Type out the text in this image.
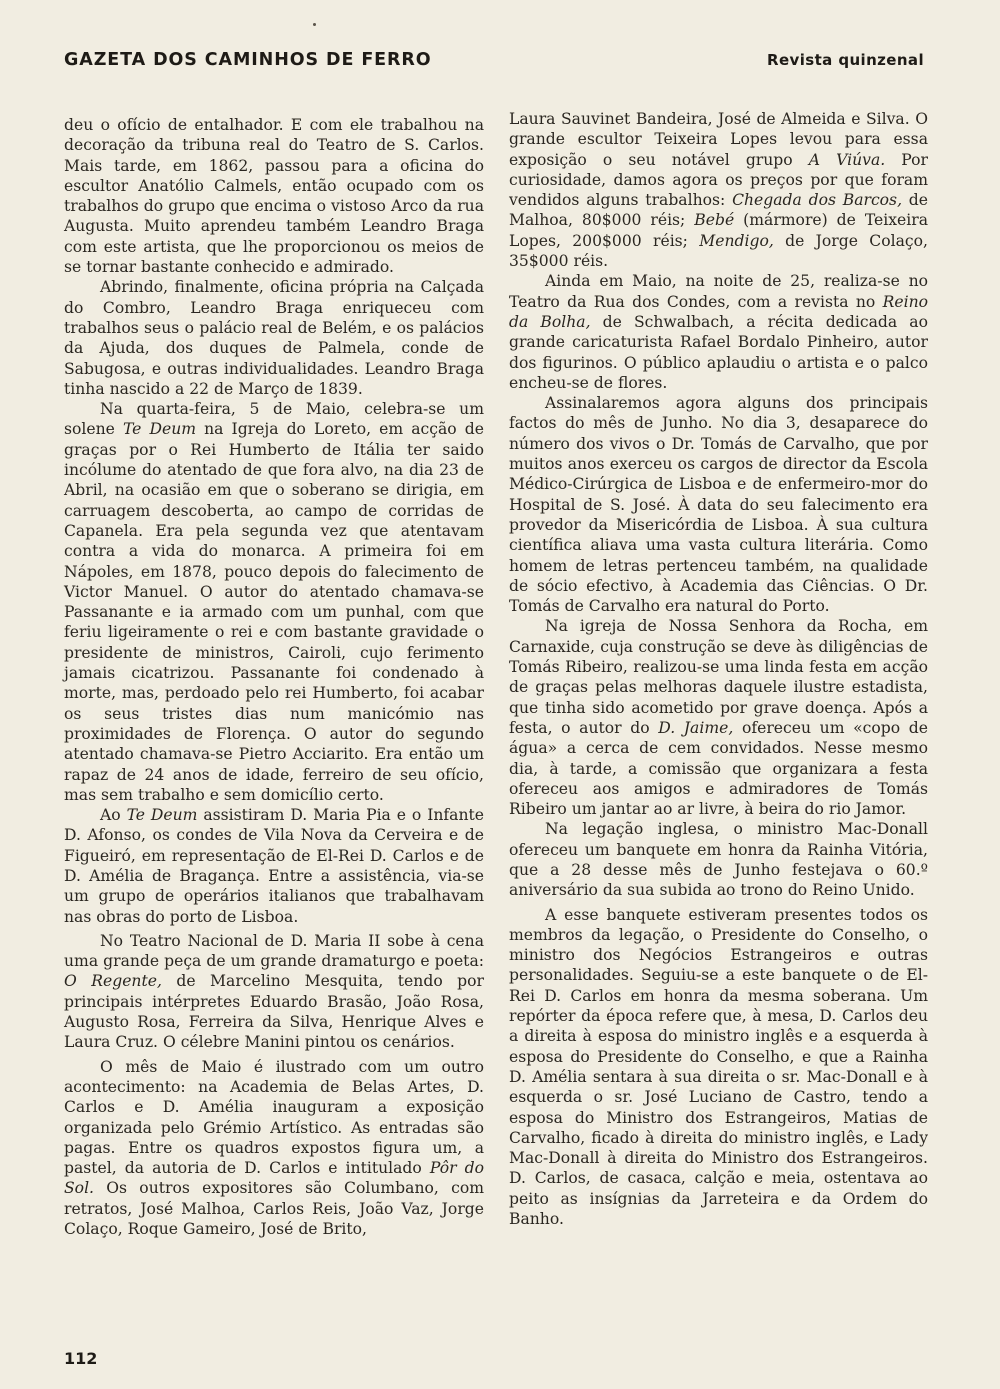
GAZETA DOS CAMINHOS DE FERRO	Revista quinzenal

deu o ofício de entalhador. E com ele trabalhou na decoração da tribuna real do Teatro de S. Carlos. Mais tarde, em 1862, passou para a oficina do escultor Anatólio Calmels, então ocupado com os trabalhos do grupo que encima o vistoso Arco da rua Augusta. Muito aprendeu também Leandro Braga com este artista, que lhe proporcionou os meios de se tornar bastante conhecido e admirado.

Abrindo, finalmente, oficina própria na Calçada do Combro, Leandro Braga enriqueceu com trabalhos seus o palácio real de Belém, e os palácios da Ajuda, dos duques de Palmela, conde de Sabugosa, e outras individualidades. Leandro Braga tinha nascido a 22 de Março de 1839.

Na quarta-feira, 5 de Maio, celebra-se um solene Te Deum na Igreja do Loreto, em acção de graças por o Rei Humberto de Itália ter saido incólume do atentado de que fora alvo, na dia 23 de Abril, na ocasião em que o soberano se dirigia, em carruagem descoberta, ao campo de corridas de Capanela. Era pela segunda vez que atentavam contra a vida do monarca. A primeira foi em Nápoles, em 1878, pouco depois do falecimento de Victor Manuel. O autor do atentado chamava-se Passanante e ia armado com um punhal, com que feriu ligeiramente o rei e com bastante gravidade o presidente de ministros, Cairoli, cujo ferimento jamais cicatrizou. Passanante foi condenado à morte, mas, perdoado pelo rei Humberto, foi acabar os seus tristes dias num manicómio nas proximidades de Florença. O autor do segundo atentado chamava-se Pietro Acciarito. Era então um rapaz de 24 anos de idade, ferreiro de seu ofício, mas sem trabalho e sem domicílio certo.

Ao Te Deum assistiram D. Maria Pia e o Infante D. Afonso, os condes de Vila Nova da Cerveira e de Figueiró, em representação de El-Rei D. Carlos e de D. Amélia de Bragança. Entre a assistência, via-se um grupo de operários italianos que trabalhavam nas obras do porto de Lisboa.

No Teatro Nacional de D. Maria II sobe à cena uma grande peça de um grande dramaturgo e poeta: O Regente, de Marcelino Mesquita, tendo por principais intérpretes Eduardo Brasão, João Rosa, Augusto Rosa, Ferreira da Silva, Henrique Alves e Laura Cruz. O célebre Manini pintou os cenários.

O mês de Maio é ilustrado com um outro acontecimento: na Academia de Belas Artes, D. Carlos e D. Amélia inauguram a exposição organizada pelo Grémio Artístico. As entradas são pagas. Entre os quadros expostos figura um, a pastel, da autoria de D. Carlos e intitulado Pôr do Sol. Os outros expositores são Columbano, com retratos, José Malhoa, Carlos Reis, João Vaz, Jorge Colaço, Roque Gameiro, José de Brito,

Laura Sauvinet Bandeira, José de Almeida e Silva. O grande escultor Teixeira Lopes levou para essa exposição o seu notável grupo A Viúva. Por curiosidade, damos agora os preços por que foram vendidos alguns trabalhos: Chegada dos Barcos, de Malhoa, 80$000 réis; Bebé (mármore) de Teixeira Lopes, 200$000 réis; Mendigo, de Jorge Colaço, 35$000 réis.

Ainda em Maio, na noite de 25, realiza-se no Teatro da Rua dos Condes, com a revista no Reino da Bolha, de Schwalbach, a récita dedicada ao grande caricaturista Rafael Bordalo Pinheiro, autor dos figurinos. O público aplaudiu o artista e o palco encheu-se de flores.

Assinalaremos agora alguns dos principais factos do mês de Junho. No dia 3, desaparece do número dos vivos o Dr. Tomás de Carvalho, que por muitos anos exerceu os cargos de director da Escola Médico-Cirúrgica de Lisboa e de enfermeiro-mor do Hospital de S. José. À data do seu falecimento era provedor da Misericórdia de Lisboa. À sua cultura científica aliava uma vasta cultura literária. Como homem de letras pertenceu também, na qualidade de sócio efectivo, à Academia das Ciências. O Dr. Tomás de Carvalho era natural do Porto.

Na igreja de Nossa Senhora da Rocha, em Carnaxide, cuja construção se deve às diligências de Tomás Ribeiro, realizou-se uma linda festa em acção de graças pelas melhoras daquele ilustre estadista, que tinha sido acometido por grave doença. Após a festa, o autor do D. Jaime, ofereceu um «copo de água» a cerca de cem convidados. Nesse mesmo dia, à tarde, a comissão que organizara a festa ofereceu aos amigos e admiradores de Tomás Ribeiro um jantar ao ar livre, à beira do rio Jamor.

Na legação inglesa, o ministro Mac-Donall ofereceu um banquete em honra da Rainha Vitória, que a 28 desse mês de Junho festejava o 60.º aniversário da sua subida ao trono do Reino Unido.

A esse banquete estiveram presentes todos os membros da legação, o Presidente do Conselho, o ministro dos Negócios Estrangeiros e outras personalidades. Seguiu-se a este banquete o de El-Rei D. Carlos em honra da mesma soberana. Um repórter da época refere que, à mesa, D. Carlos deu a direita à esposa do ministro inglês e a esquerda à esposa do Presidente do Conselho, e que a Rainha D. Amélia sentara à sua direita o sr. Mac-Donall e à esquerda o sr. José Luciano de Castro, tendo a esposa do Ministro dos Estrangeiros, Matias de Carvalho, ficado à direita do ministro inglês, e Lady Mac-Donall à direita do Ministro dos Estrangeiros. D. Carlos, de casaca, calção e meia, ostentava ao peito as insígnias da Jarreteira e da Ordem do Banho.

112
